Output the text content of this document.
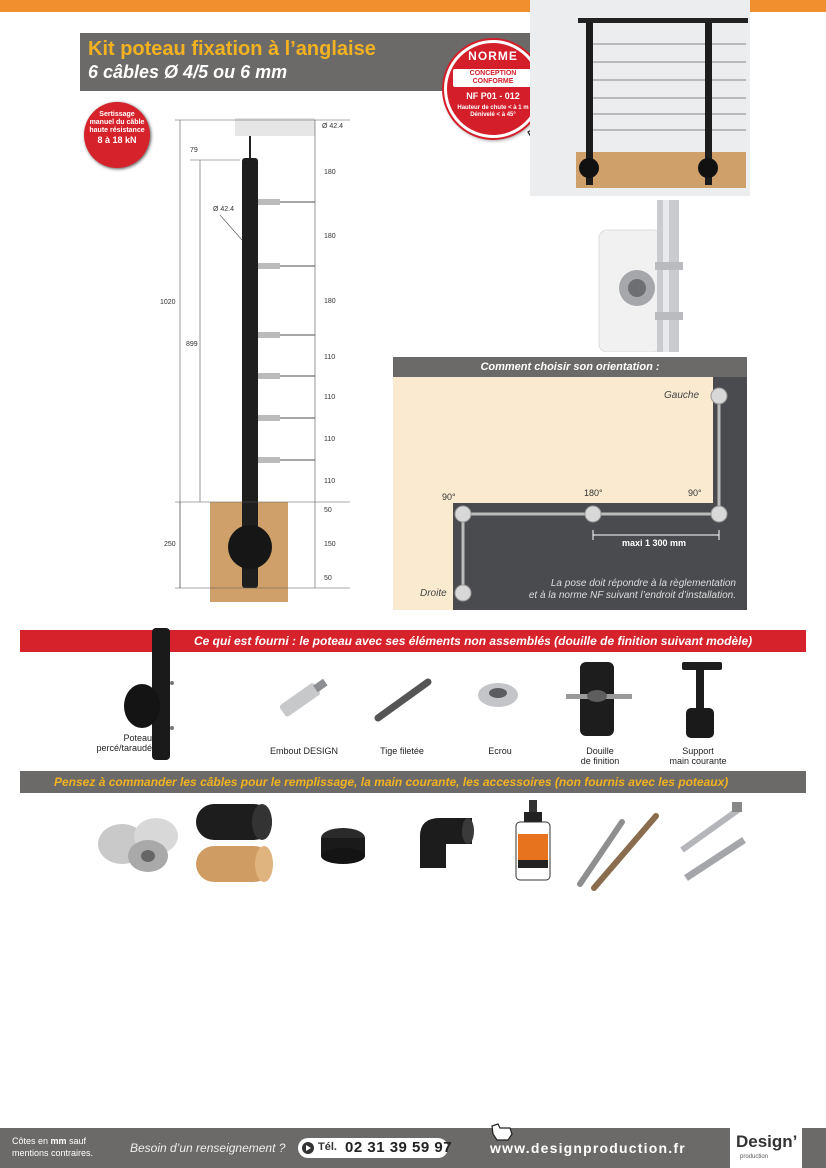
Kit poteau fixation à l’anglaise
6 câbles Ø 4/5 ou 6 mm
NORME
CONCEPTION CONFORME
NF P01 - 012
Hauteur de chute < à 1 m
Dénivelé < à 45°
Sertissage
manuel du câble
haute résistance
8 à 18 kN
Ø 42.4
79
Ø 42.4
1020
899
250
180
180
180
110
110
110
110
50
150
50
Comment choisir son orientation :
Gauche
Droite
90°	180°	90°
maxi 1 300 mm
La pose doit répondre à la règlementation
et à la norme NF suivant l’endroit d’installation.
Ce qui est fourni : le poteau avec ses éléments non assemblés (douille de finition suivant modèle)
Poteau
percé/taraudé	Embout DESIGN	Tige filetée	Ecrou	Douille
de finition
Support
main courante
Pensez à commander les câbles pour le remplissage, la main courante, les accessoires (non fournis avec les poteaux)
Côtes en mm sauf
mentions contraires.	Besoin d’un renseignement ?	Tél. 02 31 39 59 97	www.designproduction.fr	Design’
production
